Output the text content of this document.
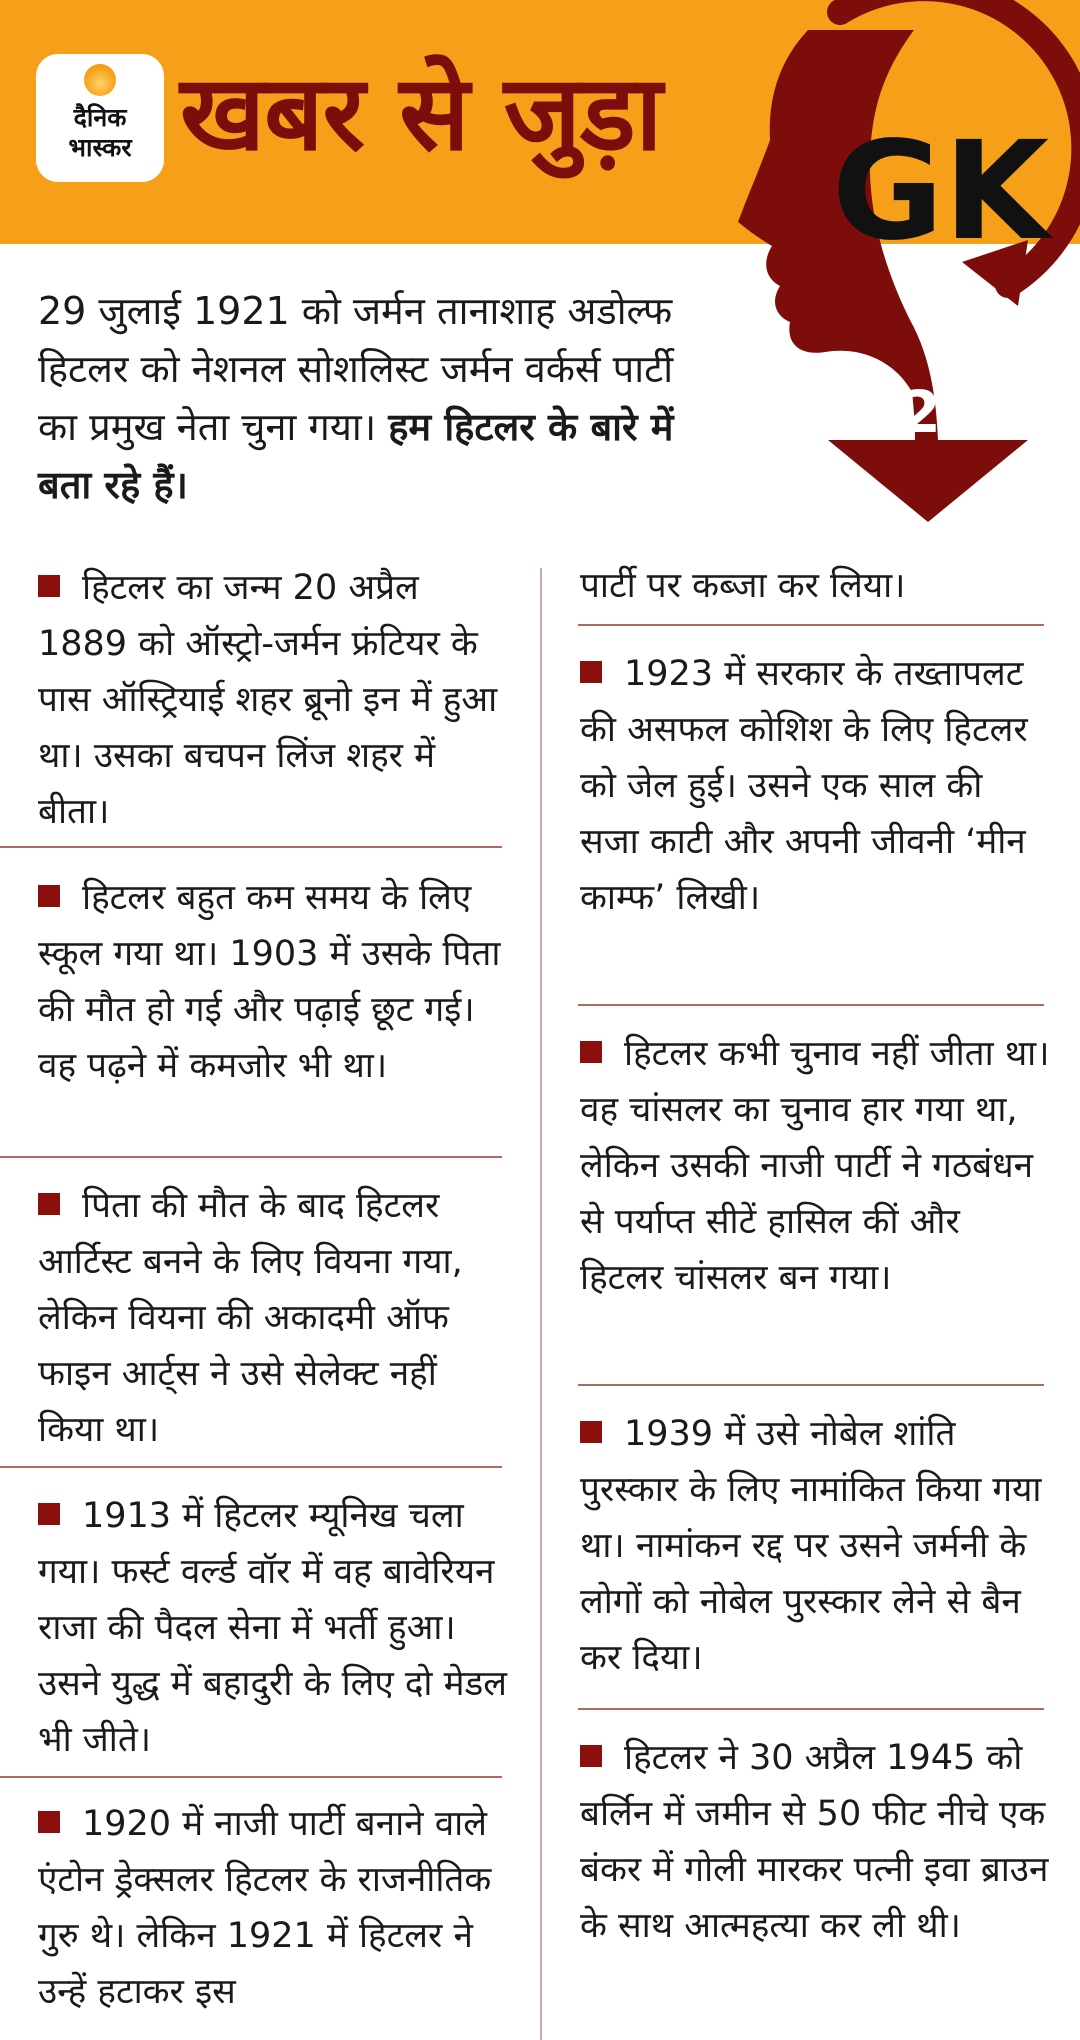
दैनिक
भास्कर खबर से जुड़ा GK
12
29 जुलाई 1921 को जर्मन तानाशाह अडोल्फ हिटलर को नेशनल सोशलिस्ट जर्मन वर्कर्स पार्टी का प्रमुख नेता चुना गया। हम हिटलर के बारे में बता रहे हैं।
हिटलर का जन्म 20 अप्रैल 1889 को ऑस्ट्रो-जर्मन फ्रंटियर के पास ऑस्ट्रियाई शहर ब्रूनो इन में हुआ था। उसका बचपन लिंज शहर में बीता।
हिटलर बहुत कम समय के लिए स्कूल गया था। 1903 में उसके पिता की मौत हो गई और पढ़ाई छूट गई। वह पढ़ने में कमजोर भी था।
पिता की मौत के बाद हिटलर आर्टिस्ट बनने के लिए वियना गया, लेकिन वियना की अकादमी ऑफ फाइन आर्ट्स ने उसे सेलेक्ट नहीं किया था।
1913 में हिटलर म्यूनिख चला गया। फर्स्ट वर्ल्ड वॉर में वह बावेरियन राजा की पैदल सेना में भर्ती हुआ। उसने युद्ध में बहादुरी के लिए दो मेडल भी जीते।
1920 में नाजी पार्टी बनाने वाले एंटोन ड्रेक्सलर हिटलर के राजनीतिक गुरु थे। लेकिन 1921 में हिटलर ने उन्हें हटाकर इस
पार्टी पर कब्जा कर लिया।
1923 में सरकार के तख्तापलट की असफल कोशिश के लिए हिटलर को जेल हुई। उसने एक साल की सजा काटी और अपनी जीवनी ‘मीन काम्फ’ लिखी।
हिटलर कभी चुनाव नहीं जीता था। वह चांसलर का चुनाव हार गया था, लेकिन उसकी नाजी पार्टी ने गठबंधन से पर्याप्त सीटें हासिल कीं और हिटलर चांसलर बन गया।
1939 में उसे नोबेल शांति पुरस्कार के लिए नामांकित किया गया था। नामांकन रद्द पर उसने जर्मनी के लोगों को नोबेल पुरस्कार लेने से बैन कर दिया।
हिटलर ने 30 अप्रैल 1945 को बर्लिन में जमीन से 50 फीट नीचे एक बंकर में गोली मारकर पत्नी इवा ब्राउन के साथ आत्महत्या कर ली थी।
